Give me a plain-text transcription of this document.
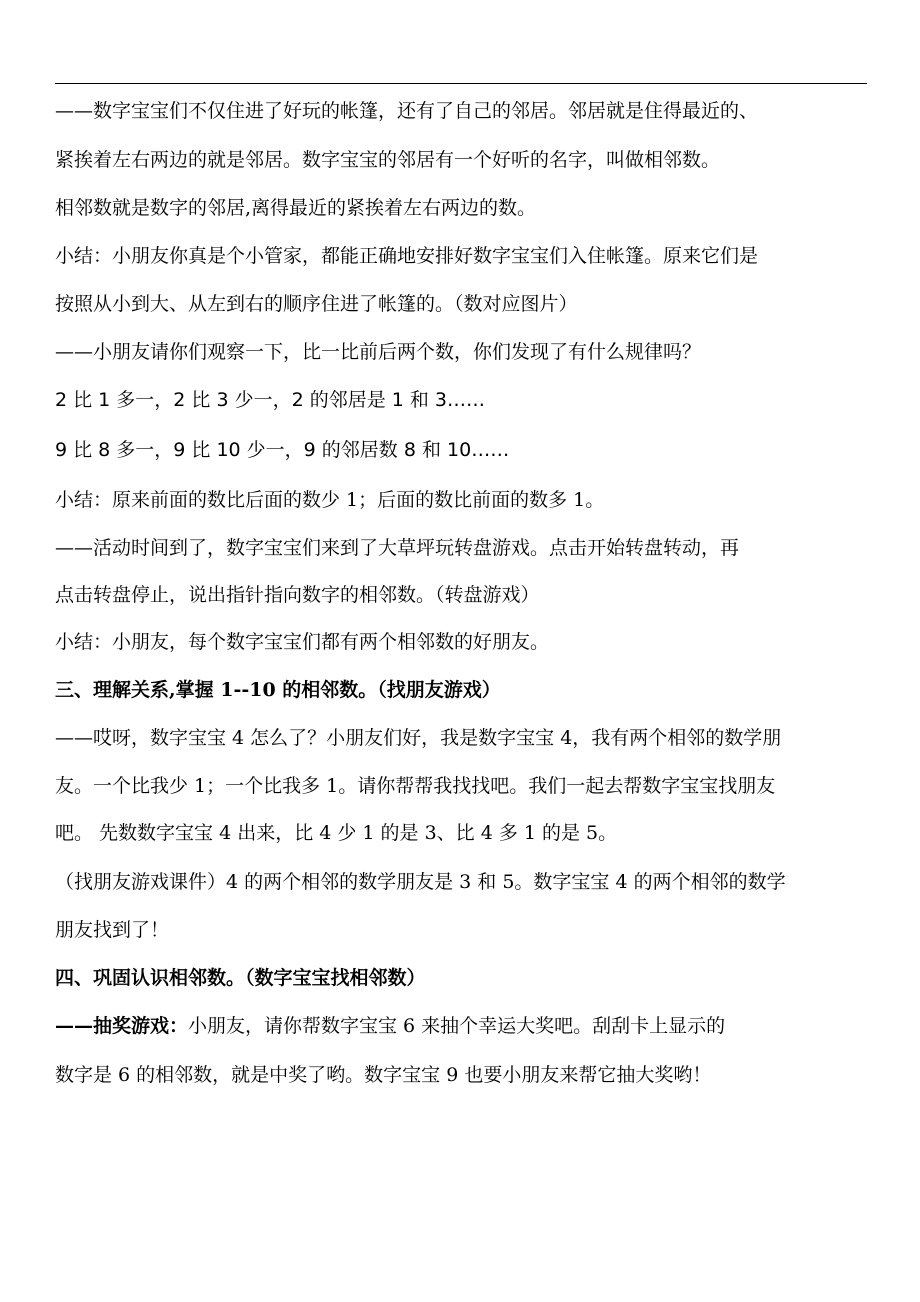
——数字宝宝们不仅住进了好玩的帐篷，还有了自己的邻居。邻居就是住得最近的、
紧挨着左右两边的就是邻居。数字宝宝的邻居有一个好听的名字，叫做相邻数。
相邻数就是数字的邻居,离得最近的紧挨着左右两边的数。
小结：小朋友你真是个小管家，都能正确地安排好数字宝宝们入住帐篷。原来它们是
按照从小到大、从左到右的顺序住进了帐篷的。（数对应图片）
——小朋友请你们观察一下，比一比前后两个数，你们发现了有什么规律吗？
2 比 1 多一，2 比 3 少一，2 的邻居是 1 和 3……
9 比 8 多一，9 比 10 少一，9 的邻居数 8 和 10……
小结：原来前面的数比后面的数少 1；后面的数比前面的数多 1。
——活动时间到了，数字宝宝们来到了大草坪玩转盘游戏。点击开始转盘转动，再
点击转盘停止，说出指针指向数字的相邻数。（转盘游戏）
小结：小朋友，每个数字宝宝们都有两个相邻数的好朋友。
三、理解关系,掌握 1--10 的相邻数。（找朋友游戏）
——哎呀，数字宝宝 4 怎么了？小朋友们好，我是数字宝宝 4，我有两个相邻的数学朋
友。一个比我少 1；一个比我多 1。请你帮帮我找找吧。我们一起去帮数字宝宝找朋友
吧。 先数数字宝宝 4 出来，比 4 少 1 的是 3、比 4 多 1 的是 5。
（找朋友游戏课件）4 的两个相邻的数学朋友是 3 和 5。数字宝宝 4 的两个相邻的数学
朋友找到了！
四、巩固认识相邻数。（数字宝宝找相邻数）
——抽奖游戏：小朋友，请你帮数字宝宝 6 来抽个幸运大奖吧。刮刮卡上显示的
数字是 6 的相邻数，就是中奖了哟。数字宝宝 9 也要小朋友来帮它抽大奖哟！
